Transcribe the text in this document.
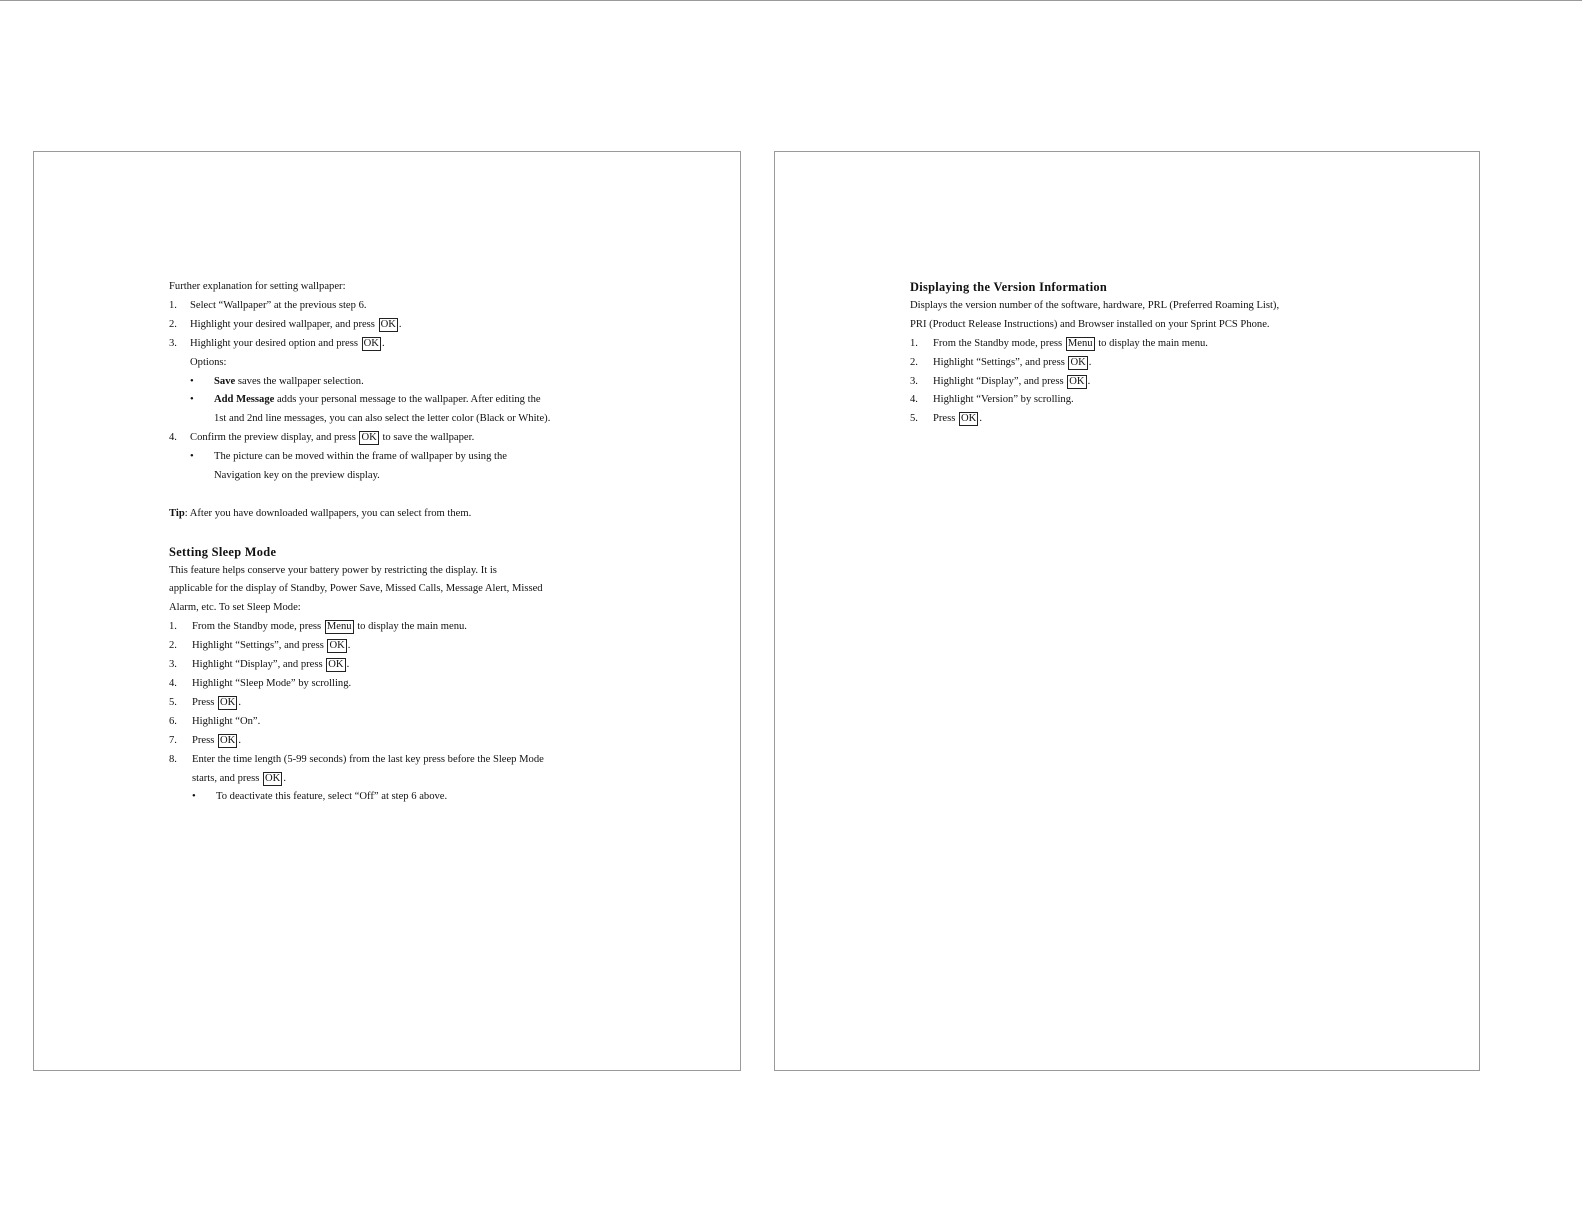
Further explanation for setting wallpaper:

1. Select “Wallpaper” at the previous step 6.

2. Highlight your desired wallpaper, and press OK .

3. Highlight your desired option and press OK .

Options:

• Save saves the wallpaper selection.

• Add Message adds your personal message to the wallpaper. After editing the

1st and 2nd line messages, you can also select the letter color (Black or White).

4. Confirm the preview display, and press OK to save the wallpaper.

• The picture can be moved within the frame of wallpaper by using the

Navigation key on the preview display.

Tip: After you have downloaded wallpapers, you can select from them.

Setting Sleep Mode

This feature helps conserve your battery power by restricting the display. It is

applicable for the display of Standby, Power Save, Missed Calls, Message Alert, Missed

Alarm, etc. To set Sleep Mode:

1. From the Standby mode, press Menu to display the main menu.

2. Highlight “Settings”, and press OK .

3. Highlight “Display”, and press OK .

4. Highlight “Sleep Mode” by scrolling.

5. Press OK .

6. Highlight “On”.

7. Press OK .

8. Enter the time length (5-99 seconds) from the last key press before the Sleep Mode

starts, and press OK .

• To deactivate this feature, select “Off” at step 6 above.

Displaying the Version Information

Displays the version number of the software, hardware, PRL (Preferred Roaming List),

PRI (Product Release Instructions) and Browser installed on your Sprint PCS Phone.

1. From the Standby mode, press Menu to display the main menu.

2. Highlight “Settings”, and press OK .

3. Highlight “Display”, and press OK .

4. Highlight “Version” by scrolling.

5. Press OK .
